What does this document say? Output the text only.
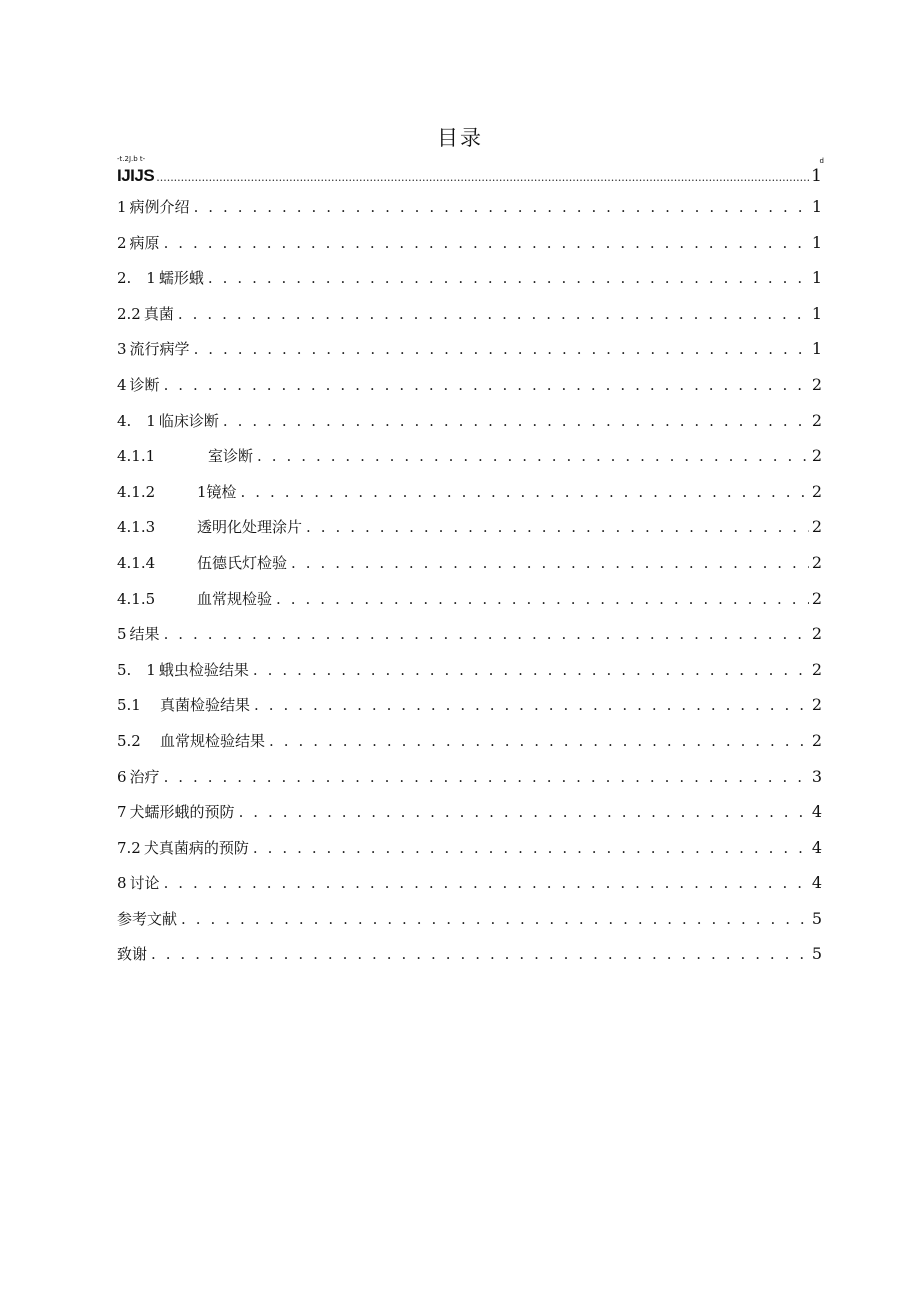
目录
-t.2J.b t-
IJIJS .....	1
d
1 病例介绍 . . .	1
2 病原 . . .	1
2.　1 蠕形蛾 . . .	1
2.2 真菌 . . .	1
3 流行病学 . . .	1
4 诊断 . . .	2
4.　1 临床诊断 . . .	2
4.1.1	室诊断 . . .	2
4.1.2	1镜检 . . .	2
4.1.3	透明化处理涂片 . . .	2
4.1.4	伍德氏灯检验 . . .	2
4.1.5	血常规检验 . . .	2
5 结果 . . .	2
5.　1 蛾虫检验结果 . . .	2
5.1	真菌检验结果 . . .	2
5.2	血常规检验结果 . . .	2
6 治疗 . . .	3
7 犬蠕形蛾的预防 . . .	4
7.2 犬真菌病的预防 . . .	4
8 讨论 . . .	4
参考文献 . . .	5
致谢 . . .	5
